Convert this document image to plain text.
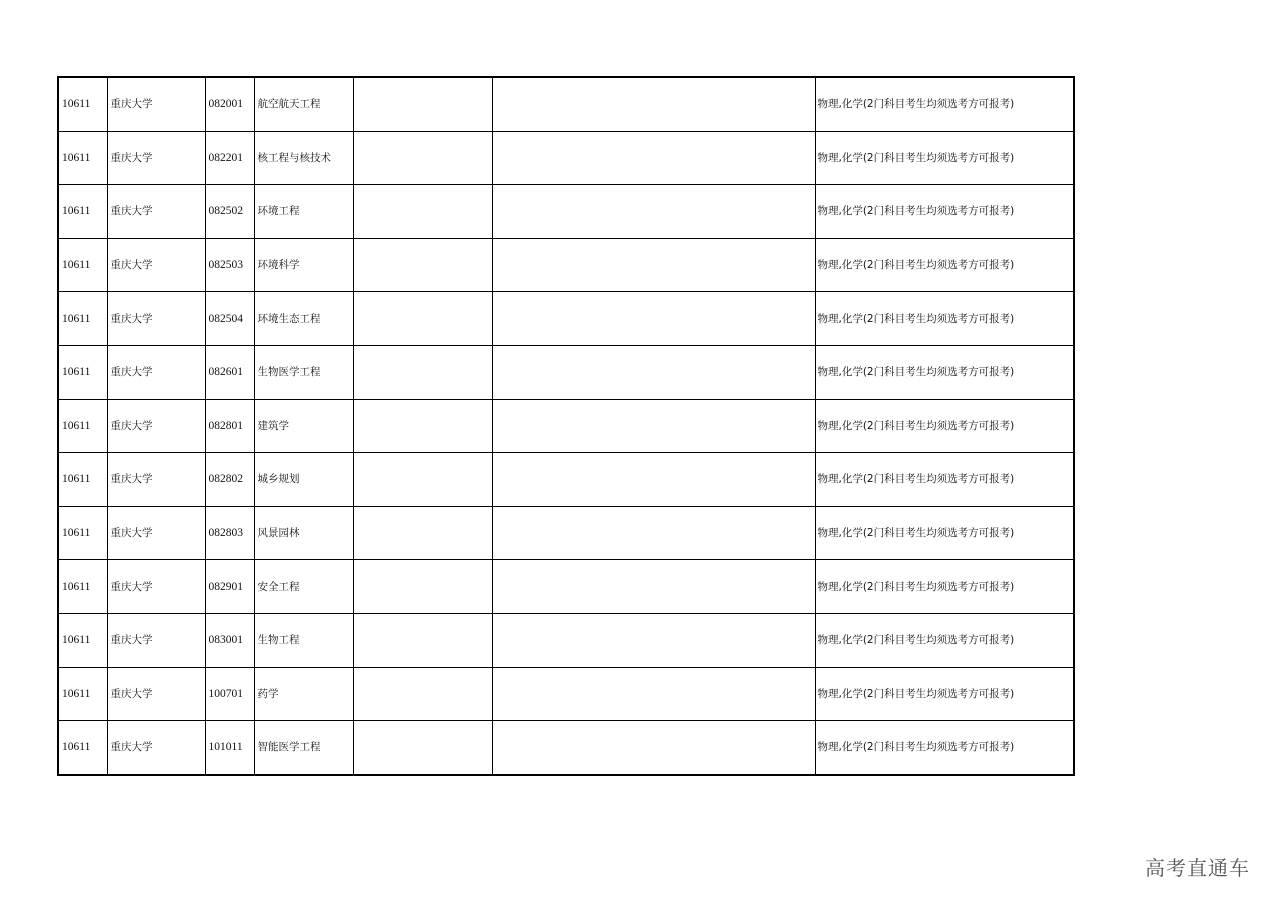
10611	重庆大学	082001	航空航天工程			物理,化学(2门科目考生均须选考方可报考)
10611	重庆大学	082201	核工程与核技术			物理,化学(2门科目考生均须选考方可报考)
10611	重庆大学	082502	环境工程			物理,化学(2门科目考生均须选考方可报考)
10611	重庆大学	082503	环境科学			物理,化学(2门科目考生均须选考方可报考)
10611	重庆大学	082504	环境生态工程			物理,化学(2门科目考生均须选考方可报考)
10611	重庆大学	082601	生物医学工程			物理,化学(2门科目考生均须选考方可报考)
10611	重庆大学	082801	建筑学			物理,化学(2门科目考生均须选考方可报考)
10611	重庆大学	082802	城乡规划			物理,化学(2门科目考生均须选考方可报考)
10611	重庆大学	082803	风景园林			物理,化学(2门科目考生均须选考方可报考)
10611	重庆大学	082901	安全工程			物理,化学(2门科目考生均须选考方可报考)
10611	重庆大学	083001	生物工程			物理,化学(2门科目考生均须选考方可报考)
10611	重庆大学	100701	药学			物理,化学(2门科目考生均须选考方可报考)
10611	重庆大学	101011	智能医学工程			物理,化学(2门科目考生均须选考方可报考)
高考直通车
